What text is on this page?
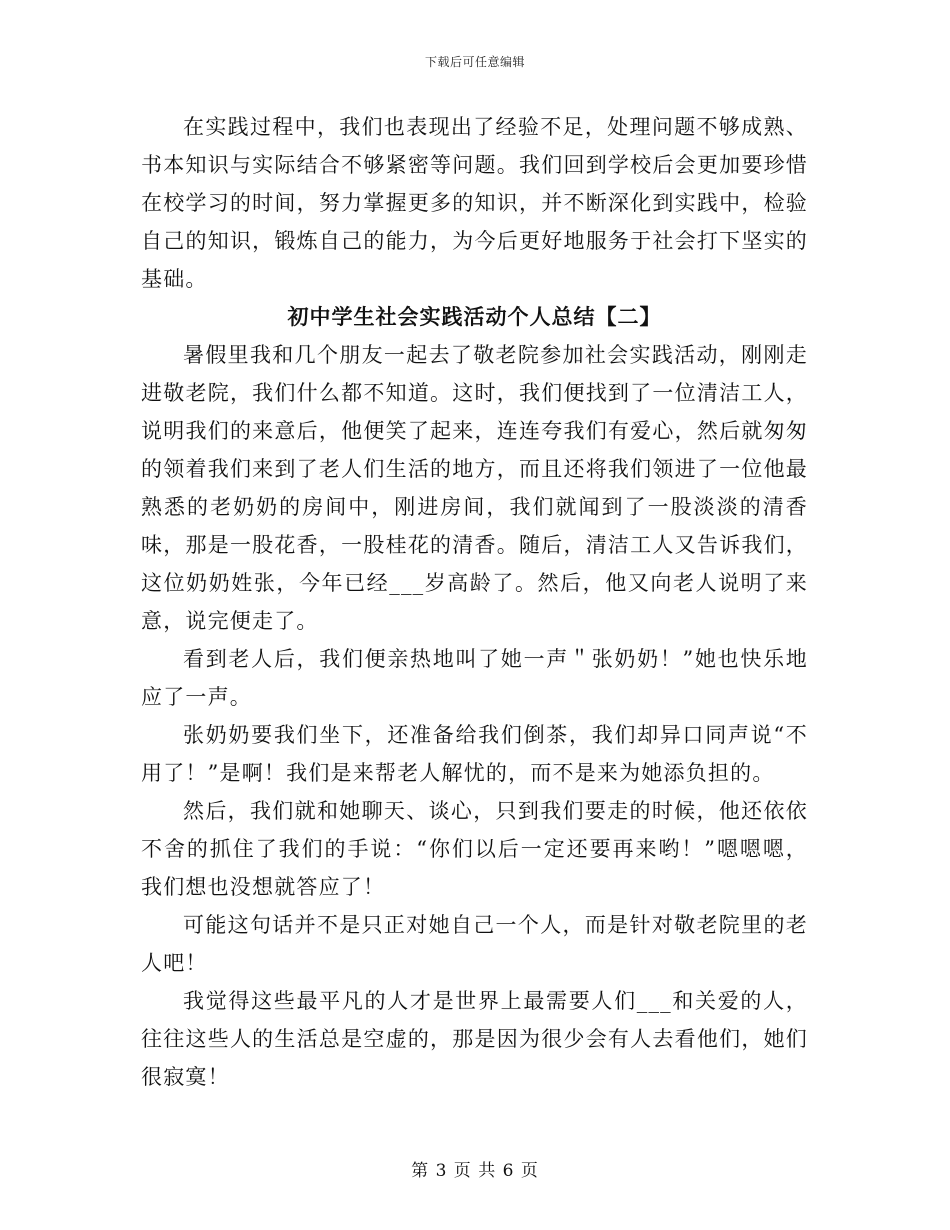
下载后可任意编辑

在实践过程中，我们也表现出了经验不足，处理问题不够成熟、书本知识与实际结合不够紧密等问题。我们回到学校后会更加要珍惜在校学习的时间，努力掌握更多的知识，并不断深化到实践中，检验自己的知识，锻炼自己的能力，为今后更好地服务于社会打下坚实的基础。

初中学生社会实践活动个人总结【二】

暑假里我和几个朋友一起去了敬老院参加社会实践活动，刚刚走进敬老院，我们什么都不知道。这时，我们便找到了一位清洁工人，说明我们的来意后，他便笑了起来，连连夸我们有爱心，然后就匆匆的领着我们来到了老人们生活的地方，而且还将我们领进了一位他最熟悉的老奶奶的房间中，刚进房间，我们就闻到了一股淡淡的清香味，那是一股花香，一股桂花的清香。随后，清洁工人又告诉我们，这位奶奶姓张，今年已经___岁高龄了。然后，他又向老人说明了来意，说完便走了。

看到老人后，我们便亲热地叫了她一声＂张奶奶！”她也快乐地应了一声。

张奶奶要我们坐下，还准备给我们倒茶，我们却异口同声说“不用了！”是啊！我们是来帮老人解忧的，而不是来为她添负担的。

然后，我们就和她聊天、谈心，只到我们要走的时候，他还依依不舍的抓住了我们的手说：“你们以后一定还要再来哟！”嗯嗯嗯，我们想也没想就答应了！

可能这句话并不是只正对她自己一个人，而是针对敬老院里的老人吧！

我觉得这些最平凡的人才是世界上最需要人们___和关爱的人，往往这些人的生活总是空虚的，那是因为很少会有人去看他们，她们很寂寞！

第 3 页 共 6 页
